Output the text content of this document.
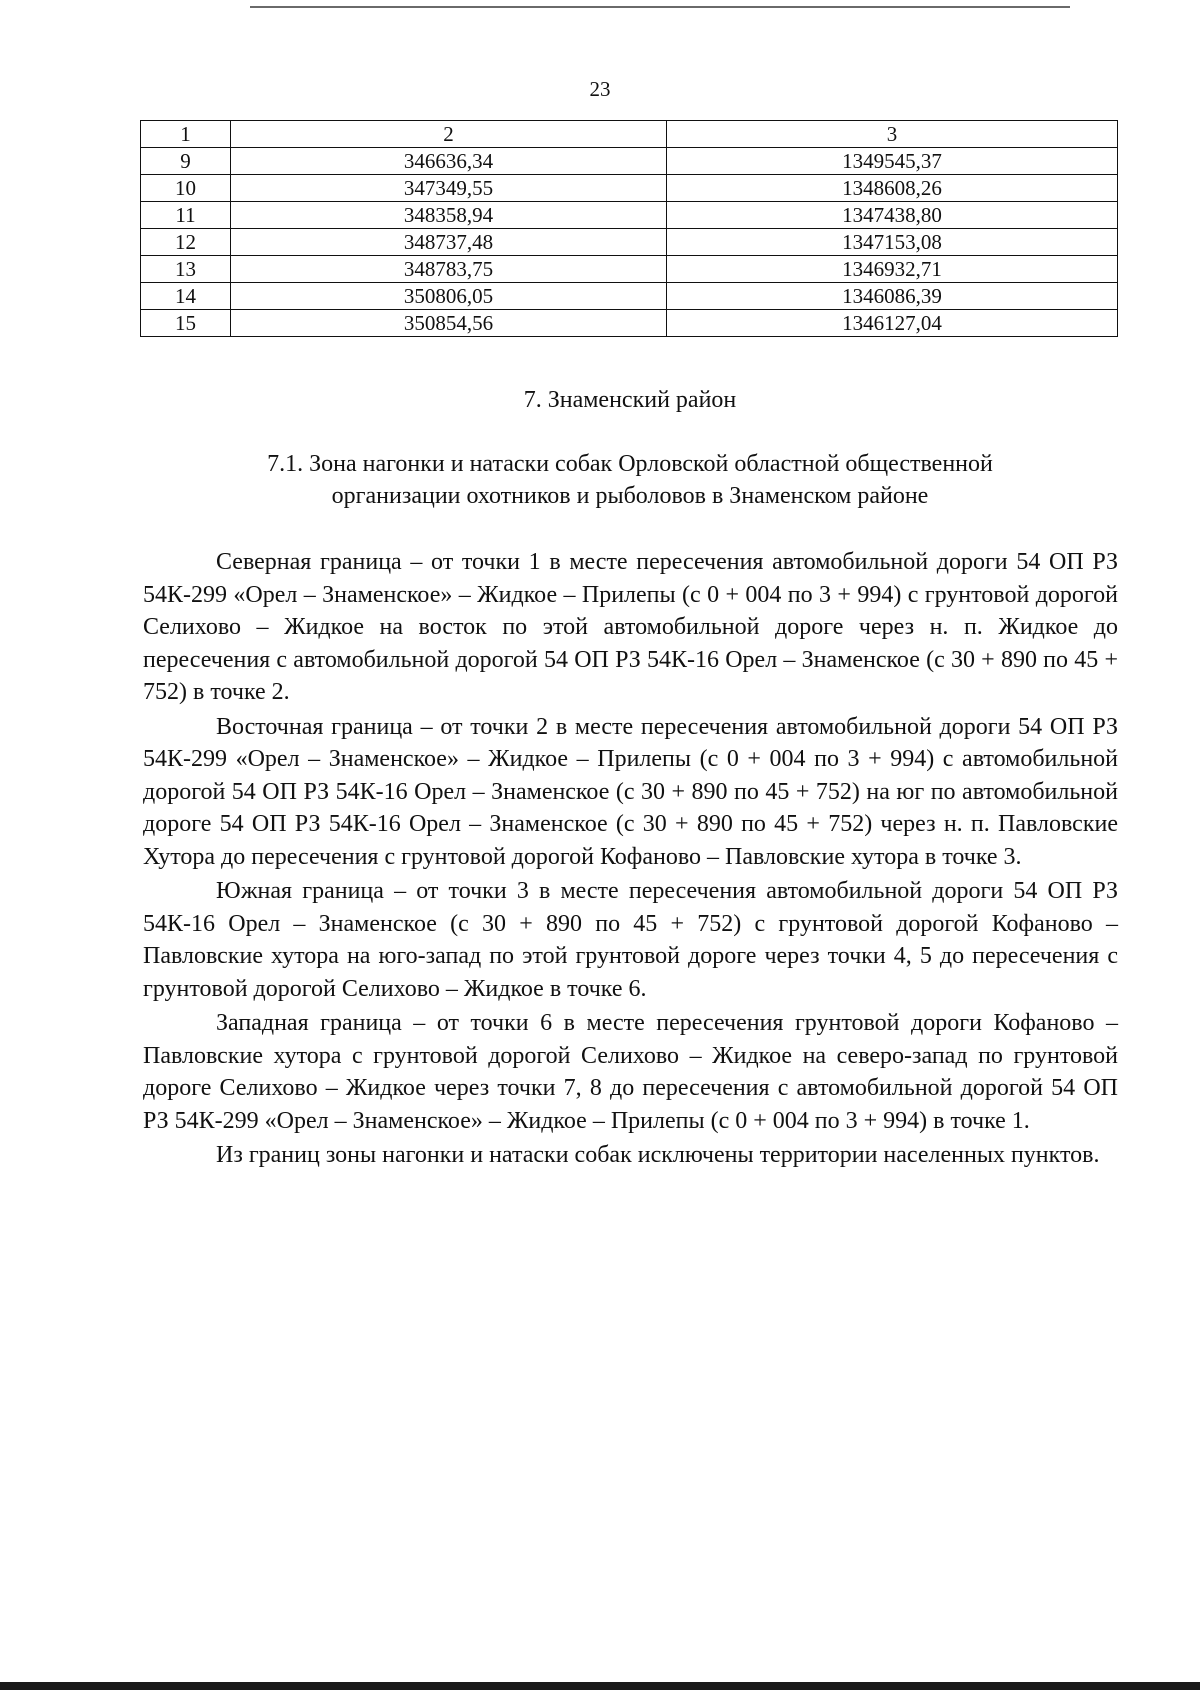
23
1	2	3
9	346636,34	1349545,37
10	347349,55	1348608,26
11	348358,94	1347438,80
12	348737,48	1347153,08
13	348783,75	1346932,71
14	350806,05	1346086,39
15	350854,56	1346127,04
7. Знаменский район
7.1. Зона нагонки и натаски собак Орловской областной общественной
организации охотников и рыболовов в Знаменском районе

Северная граница – от точки 1 в месте пересечения автомобильной дороги 54 ОП РЗ 54К-299 «Орел – Знаменское» – Жидкое – Прилепы (с 0 + 004 по 3 + 994) с грунтовой дорогой Селихово – Жидкое на восток по этой автомобильной дороге через н. п. Жидкое до пересечения с автомобильной дорогой 54 ОП РЗ 54К-16 Орел – Знаменское (с 30 + 890 по 45 + 752) в точке 2.

Восточная граница – от точки 2 в месте пересечения автомобильной дороги 54 ОП РЗ 54К-299 «Орел – Знаменское» – Жидкое – Прилепы (с 0 + 004 по 3 + 994) с автомобильной дорогой 54 ОП РЗ 54К-16 Орел – Знаменское (с 30 + 890 по 45 + 752) на юг по автомобильной дороге 54 ОП РЗ 54К-16 Орел – Знаменское (с 30 + 890 по 45 + 752) через н. п. Павловские Хутора до пересечения с грунтовой дорогой Кофаново – Павловские хутора в точке 3.

Южная граница – от точки 3 в месте пересечения автомобильной дороги 54 ОП РЗ 54К-16 Орел – Знаменское (с 30 + 890 по 45 + 752) с грунтовой дорогой Кофаново – Павловские хутора на юго-запад по этой грунтовой дороге через точки 4, 5 до пересечения с грунтовой дорогой Селихово – Жидкое в точке 6.

Западная граница – от точки 6 в месте пересечения грунтовой дороги Кофаново – Павловские хутора с грунтовой дорогой Селихово – Жидкое на северо-запад по грунтовой дороге Селихово – Жидкое через точки 7, 8 до пересечения с автомобильной дорогой 54 ОП РЗ 54К-299 «Орел – Знаменское» – Жидкое – Прилепы (с 0 + 004 по 3 + 994) в точке 1.

Из границ зоны нагонки и натаски собак исключены территории населенных пунктов.
